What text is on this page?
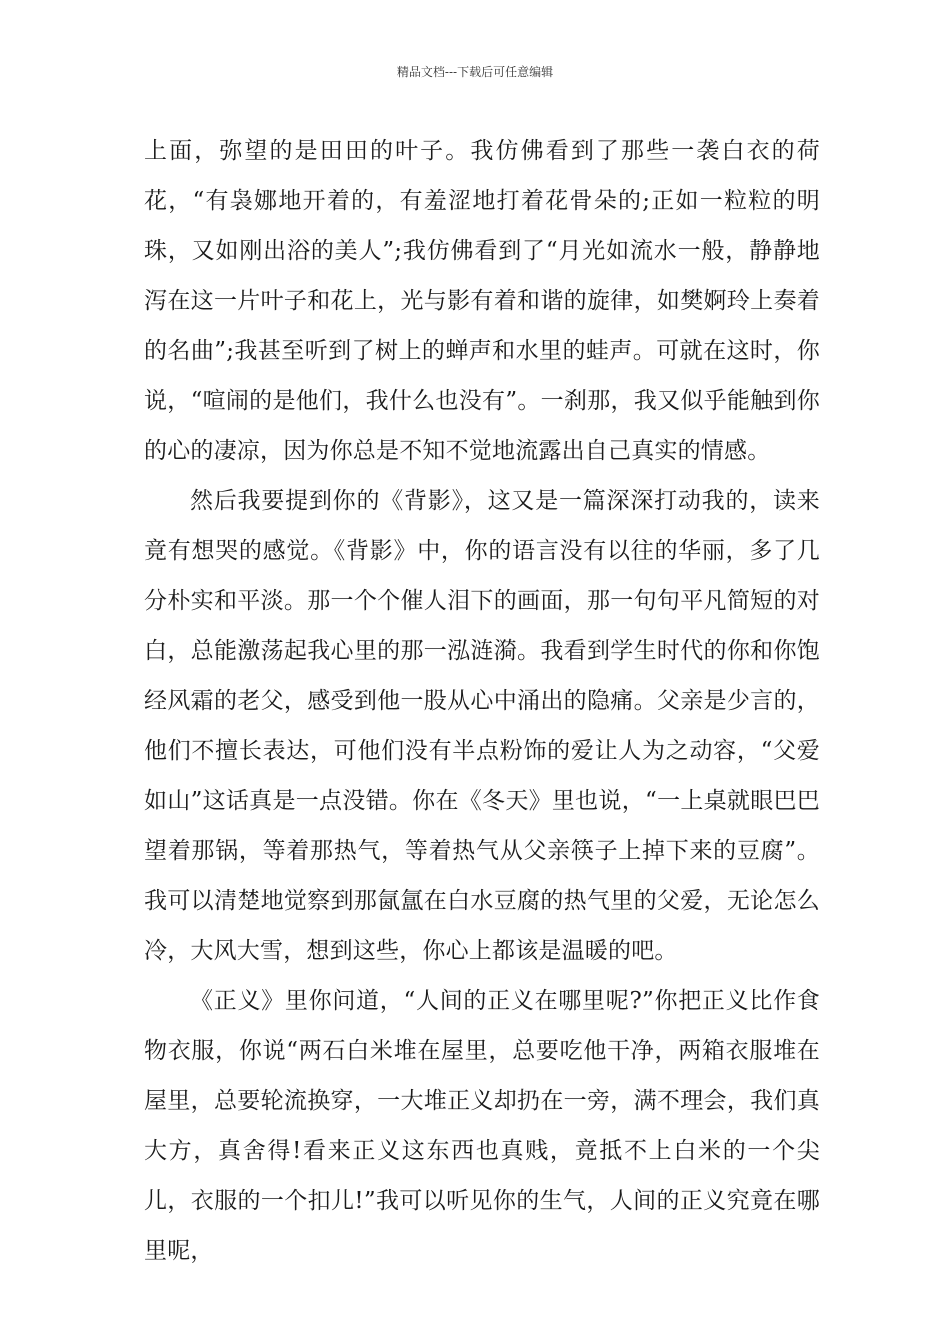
精品文档---下载后可任意编辑

上面，弥望的是田田的叶子。我仿佛看到了那些一袭白衣的荷花，“有袅娜地开着的，有羞涩地打着花骨朵的;正如一粒粒的明珠，又如刚出浴的美人”;我仿佛看到了“月光如流水一般，静静地泻在这一片叶子和花上，光与影有着和谐的旋律，如樊婀玲上奏着的名曲”;我甚至听到了树上的蝉声和水里的蛙声。可就在这时，你说，“喧闹的是他们，我什么也没有”。一刹那，我又似乎能触到你的心的凄凉，因为你总是不知不觉地流露出自己真实的情感。

然后我要提到你的《背影》，这又是一篇深深打动我的，读来竟有想哭的感觉。《背影》中，你的语言没有以往的华丽，多了几分朴实和平淡。那一个个催人泪下的画面，那一句句平凡简短的对白，总能激荡起我心里的那一泓涟漪。我看到学生时代的你和你饱经风霜的老父，感受到他一股从心中涌出的隐痛。父亲是少言的，他们不擅长表达，可他们没有半点粉饰的爱让人为之动容，“父爱如山”这话真是一点没错。你在《冬天》里也说，“一上桌就眼巴巴望着那锅，等着那热气，等着热气从父亲筷子上掉下来的豆腐”。我可以清楚地觉察到那氤氲在白水豆腐的热气里的父爱，无论怎么冷，大风大雪，想到这些，你心上都该是温暖的吧。

《正义》里你问道，“人间的正义在哪里呢?”你把正义比作食物衣服，你说“两石白米堆在屋里，总要吃他干净，两箱衣服堆在屋里，总要轮流换穿，一大堆正义却扔在一旁，满不理会，我们真大方，真舍得!看来正义这东西也真贱，竟抵不上白米的一个尖儿，衣服的一个扣儿!”我可以听见你的生气，人间的正义究竟在哪里呢，
